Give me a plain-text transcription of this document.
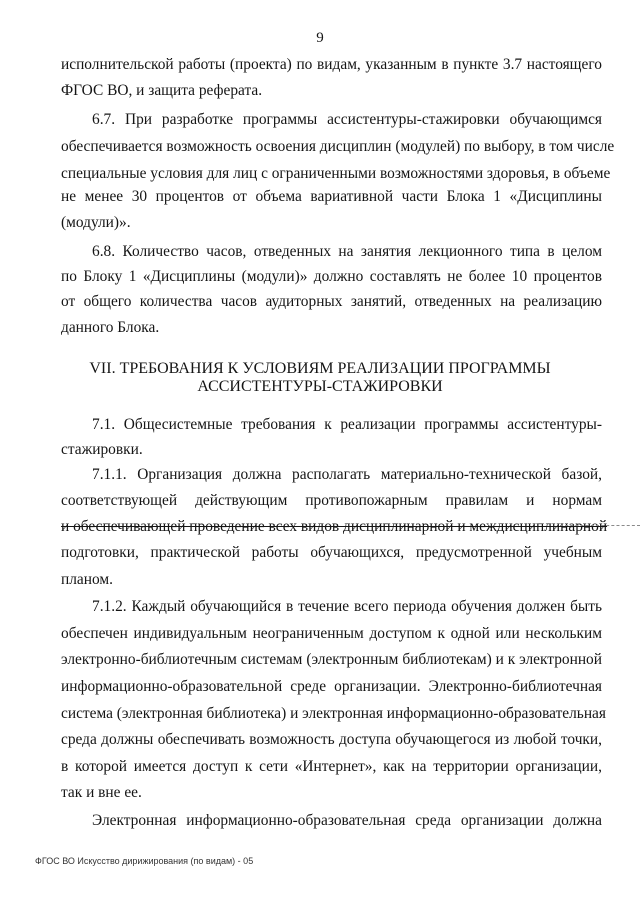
9
исполнительской работы (проекта) по видам, указанным в пункте 3.7 настоящего
ФГОС ВО, и защита реферата.
6.7. При разработке программы ассистентуры-стажировки обучающимся
обеспечивается возможность освоения дисциплин (модулей) по выбору, в том числе
специальные условия для лиц с ограниченными возможностями здоровья, в объеме
не менее 30 процентов от объема вариативной части Блока 1 «Дисциплины
(модули)».
6.8. Количество часов, отведенных на занятия лекционного типа в целом
по Блоку 1 «Дисциплины (модули)» должно составлять не более 10 процентов
от общего количества часов аудиторных занятий, отведенных на реализацию
данного Блока.
VII. ТРЕБОВАНИЯ К УСЛОВИЯМ РЕАЛИЗАЦИИ ПРОГРАММЫ
АССИСТЕНТУРЫ-СТАЖИРОВКИ
7.1. Общесистемные требования к реализации программы ассистентуры-
стажировки.
7.1.1. Организация должна располагать материально-технической базой,
соответствующей действующим противопожарным правилам и нормам
и обеспечивающей проведение всех видов дисциплинарной и междисциплинарной
подготовки, практической работы обучающихся, предусмотренной учебным
планом.
7.1.2. Каждый обучающийся в течение всего периода обучения должен быть
обеспечен индивидуальным неограниченным доступом к одной или нескольким
электронно-библиотечным системам (электронным библиотекам) и к электронной
информационно-образовательной среде организации. Электронно-библиотечная
система (электронная библиотека) и электронная информационно-образовательная
среда должны обеспечивать возможность доступа обучающегося из любой точки,
в которой имеется доступ к сети «Интернет», как на территории организации,
так и вне ее.
Электронная информационно-образовательная среда организации должна
ФГОС ВО Искусство дирижирования (по видам) - 05
